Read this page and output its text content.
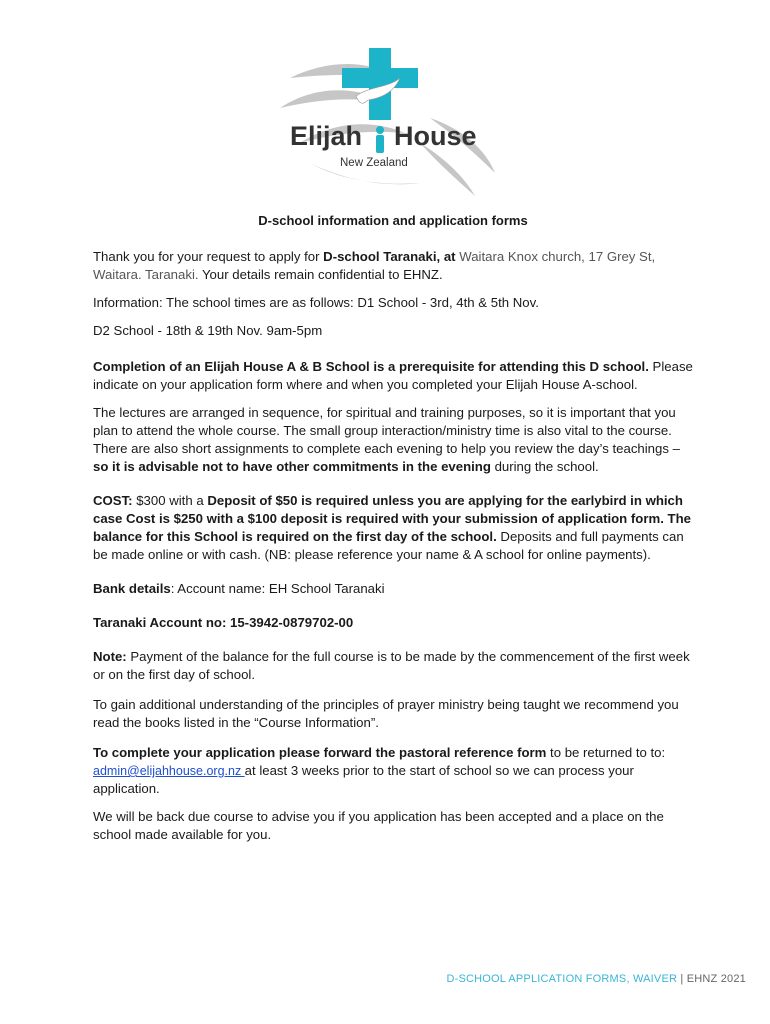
Elijah House
New Zealand
D-school information and application forms

Thank you for your request to apply for D-school Taranaki, at Waitara Knox church, 17 Grey St, Waitara. Taranaki. Your details remain confidential to EHNZ.

Information: The school times are as follows: D1 School - 3rd, 4th & 5th Nov.

D2 School - 18th & 19th Nov. 9am-5pm

Completion of an Elijah House A & B School is a prerequisite for attending this D school. Please indicate on your application form where and when you completed your Elijah House A-school.

The lectures are arranged in sequence, for spiritual and training purposes, so it is important that you plan to attend the whole course. The small group interaction/ministry time is also vital to the course. There are also short assignments to complete each evening to help you review the day’s teachings – so it is advisable not to have other commitments in the evening during the school.

COST: $300 with a Deposit of $50 is required unless you are applying for the earlybird in which case Cost is $250 with a $100 deposit is required with your submission of application form. The balance for this School is required on the first day of the school. Deposits and full payments can be made online or with cash. (NB: please reference your name & A school for online payments).

Bank details: Account name: EH School Taranaki

Taranaki Account no: 15-3942-0879702-00

Note: Payment of the balance for the full course is to be made by the commencement of the first week or on the first day of school.

To gain additional understanding of the principles of prayer ministry being taught we recommend you read the books listed in the “Course Information”.

To complete your application please forward the pastoral reference form to be returned to to: admin@elijahhouse.org.nz at least 3 weeks prior to the start of school so we can process your application.

We will be back due course to advise you if you application has been accepted and a place on the school made available for you.

D-SCHOOL APPLICATION FORMS, WAIVER | EHNZ 2021
